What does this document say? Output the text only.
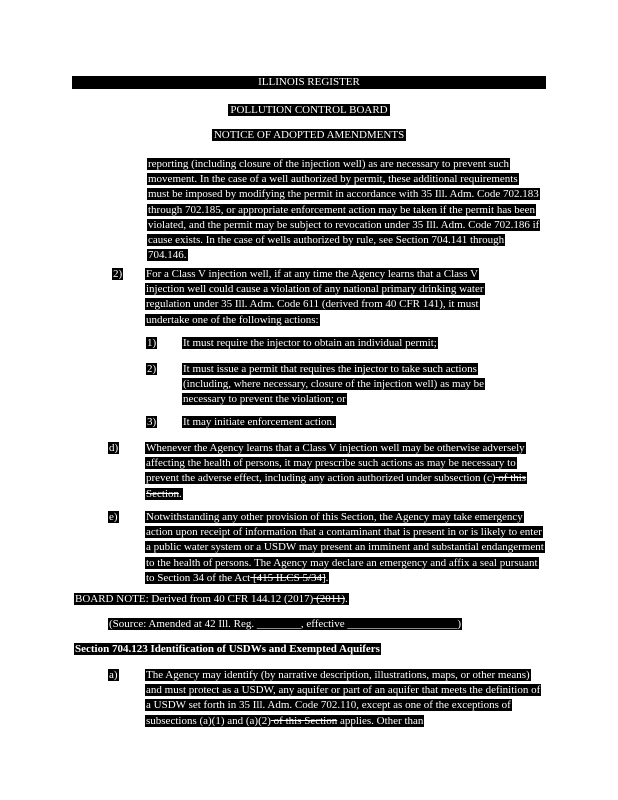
ILLINOIS REGISTER
POLLUTION CONTROL BOARD
NOTICE OF ADOPTED AMENDMENTS
reporting (including closure of the injection well) as are necessary to prevent such movement. In the case of a well authorized by permit, these additional requirements must be imposed by modifying the permit in accordance with 35 Ill. Adm. Code 702.183 through 702.185, or appropriate enforcement action may be taken if the permit has been violated, and the permit may be subject to revocation under 35 Ill. Adm. Code 702.186 if cause exists. In the case of wells authorized by rule, see Section 704.141 through 704.146.
2) For a Class V injection well, if at any time the Agency learns that a Class V injection well could cause a violation of any national primary drinking water regulation under 35 Ill. Adm. Code 611 (derived from 40 CFR 141), it must undertake one of the following actions:
1) It must require the injector to obtain an individual permit;
2) It must issue a permit that requires the injector to take such actions (including, where necessary, closure of the injection well) as may be necessary to prevent the violation; or
3) It may initiate enforcement action.
d)	Whenever the Agency learns that a Class V injection well may be otherwise adversely affecting the health of persons, it may prescribe such actions as may be necessary to prevent the adverse effect, including any action authorized under subsection (c) of this Section.
e)	Notwithstanding any other provision of this Section, the Agency may take emergency action upon receipt of information that a contaminant that is present in or is likely to enter a public water system or a USDW may present an imminent and substantial endangerment to the health of persons. The Agency may declare an emergency and affix a seal pursuant to Section 34 of the Act [415 ILCS 5/34].
BOARD NOTE: Derived from 40 CFR 144.12 (2017) (2011).
(Source: Amended at 42 Ill. Reg. ________, effective ____________________)
Section 704.123 Identification of USDWs and Exempted Aquifers
a)	The Agency may identify (by narrative description, illustrations, maps, or other means) and must protect as a USDW, any aquifer or part of an aquifer that meets the definition of a USDW set forth in 35 Ill. Adm. Code 702.110, except as one of the exceptions of subsections (a)(1) and (a)(2) of this Section applies. Other than
